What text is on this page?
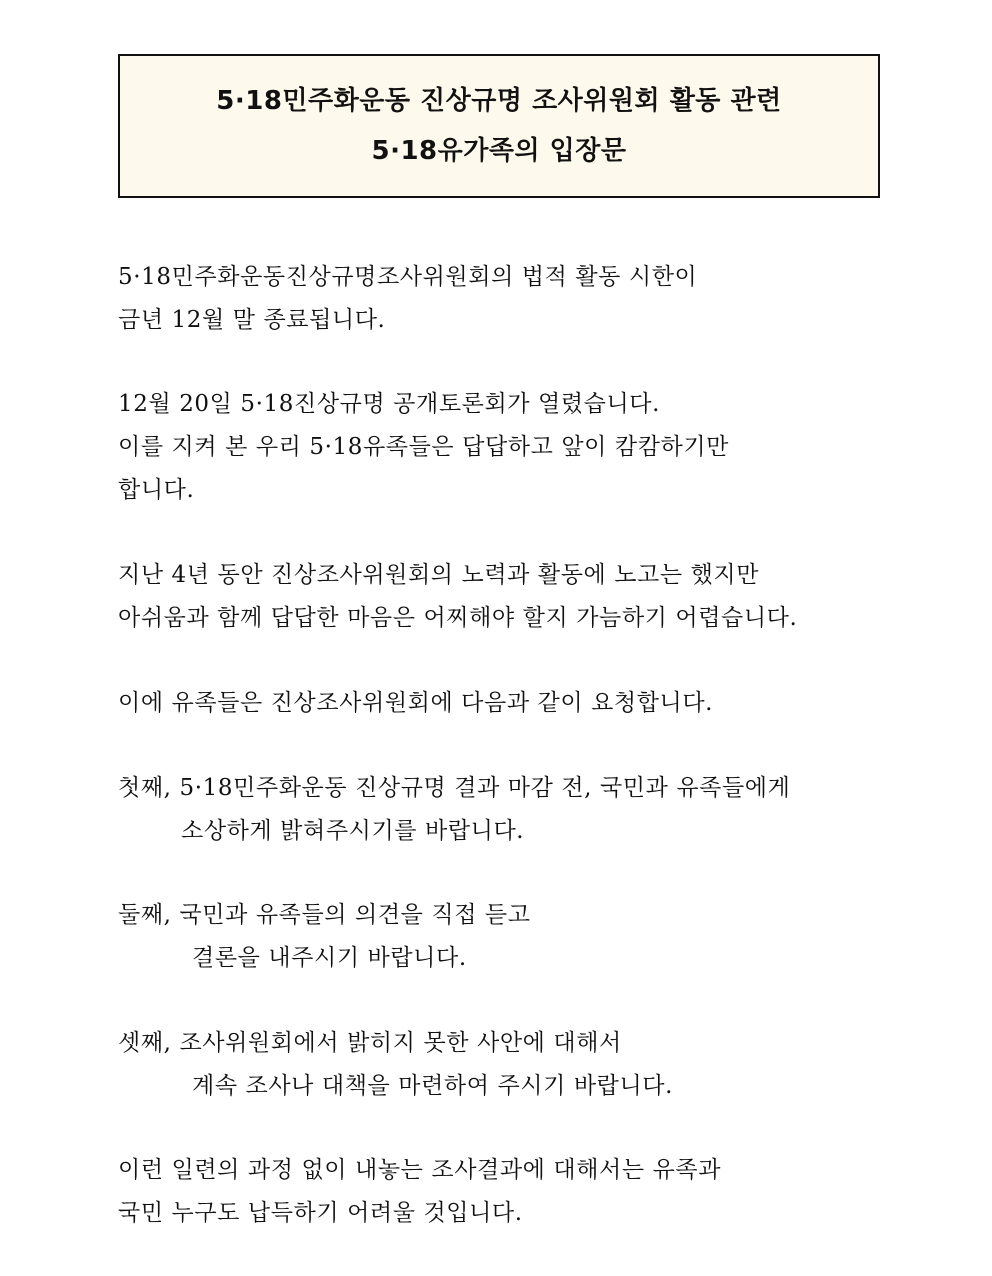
5·18민주화운동 진상규명 조사위원회 활동 관련
5·18유가족의 입장문
5·18민주화운동진상규명조사위원회의 법적 활동 시한이
금년 12월 말 종료됩니다.
12월 20일 5·18진상규명 공개토론회가 열렸습니다.
이를 지켜 본 우리 5·18유족들은 답답하고 앞이 캄캄하기만
합니다.
지난 4년 동안 진상조사위원회의 노력과 활동에 노고는 했지만
아쉬움과 함께 답답한 마음은 어찌해야 할지 가늠하기 어렵습니다.
이에 유족들은 진상조사위원회에 다음과 같이 요청합니다.
첫째, 5·18민주화운동 진상규명 결과 마감 전, 국민과 유족들에게
소상하게 밝혀주시기를 바랍니다.
둘째, 국민과 유족들의 의견을 직접 듣고
결론을 내주시기 바랍니다.
셋째, 조사위원회에서 밝히지 못한 사안에 대해서
계속 조사나 대책을 마련하여 주시기 바랍니다.
이런 일련의 과정 없이 내놓는 조사결과에 대해서는 유족과
국민 누구도 납득하기 어려울 것입니다.
